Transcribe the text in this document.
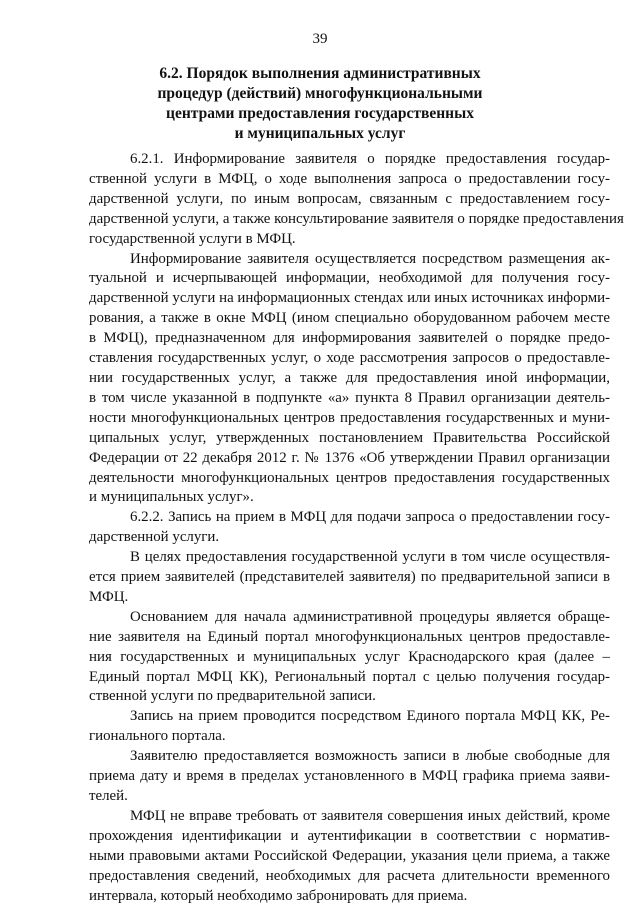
39
6.2. Порядок выполнения административных
процедур (действий) многофункциональными
центрами предоставления государственных
и муниципальных услуг

6.2.1. Информирование заявителя о порядке предоставления государ-
ственной услуги в МФЦ, о ходе выполнения запроса о предоставлении госу-
дарственной услуги, по иным вопросам, связанным с предоставлением госу-
дарственной услуги, а также консультирование заявителя о порядке предоставления
государственной услуги в МФЦ.

Информирование заявителя осуществляется посредством размещения ак-
туальной и исчерпывающей информации, необходимой для получения госу-
дарственной услуги на информационных стендах или иных источниках информи-
рования, а также в окне МФЦ (ином специально оборудованном рабочем месте
в МФЦ), предназначенном для информирования заявителей о порядке предо-
ставления государственных услуг, о ходе рассмотрения запросов о предоставле-
нии государственных услуг, а также для предоставления иной информации,
в том числе указанной в подпункте «а» пункта 8 Правил организации деятель-
ности многофункциональных центров предоставления государственных и муни-
ципальных услуг, утвержденных постановлением Правительства Российской
Федерации от 22 декабря 2012 г. № 1376 «Об утверждении Правил организации
деятельности многофункциональных центров предоставления государственных
и муниципальных услуг».

6.2.2. Запись на прием в МФЦ для подачи запроса о предоставлении госу-
дарственной услуги.

В целях предоставления государственной услуги в том числе осуществля-
ется прием заявителей (представителей заявителя) по предварительной записи в
МФЦ.

Основанием для начала административной процедуры является обраще-
ние заявителя на Единый портал многофункциональных центров предоставле-
ния государственных и муниципальных услуг Краснодарского края (далее –
Единый портал МФЦ КК), Региональный портал с целью получения государ-
ственной услуги по предварительной записи.

Запись на прием проводится посредством Единого портала МФЦ КК, Ре-
гионального портала.

Заявителю предоставляется возможность записи в любые свободные для
приема дату и время в пределах установленного в МФЦ графика приема заяви-
телей.

МФЦ не вправе требовать от заявителя совершения иных действий, кроме
прохождения идентификации и аутентификации в соответствии с норматив-
ными правовыми актами Российской Федерации, указания цели приема, а также
предоставления сведений, необходимых для расчета длительности временного
интервала, который необходимо забронировать для приема.
